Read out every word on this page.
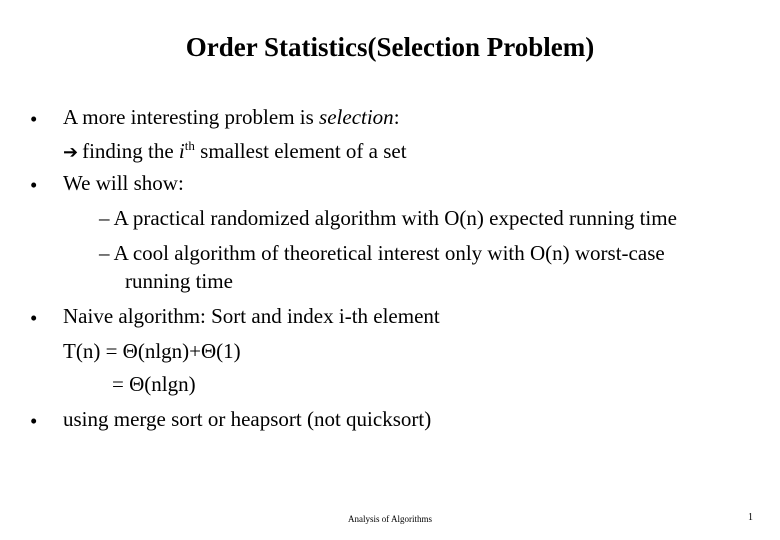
Order Statistics(Selection Problem)
• A more interesting problem is selection:
➔ finding the $i^{th}$ smallest element of a set
• We will show:
– A practical randomized algorithm with O(n) expected running time
– A cool algorithm of theoretical interest only with O(n) worst-case
running time
• Naive algorithm: Sort and index i-th element
T(n) = Θ(nlgn)+Θ(1)
= Θ(nlgn)
• using merge sort or heapsort (not quicksort)
Analysis of Algorithms	1
